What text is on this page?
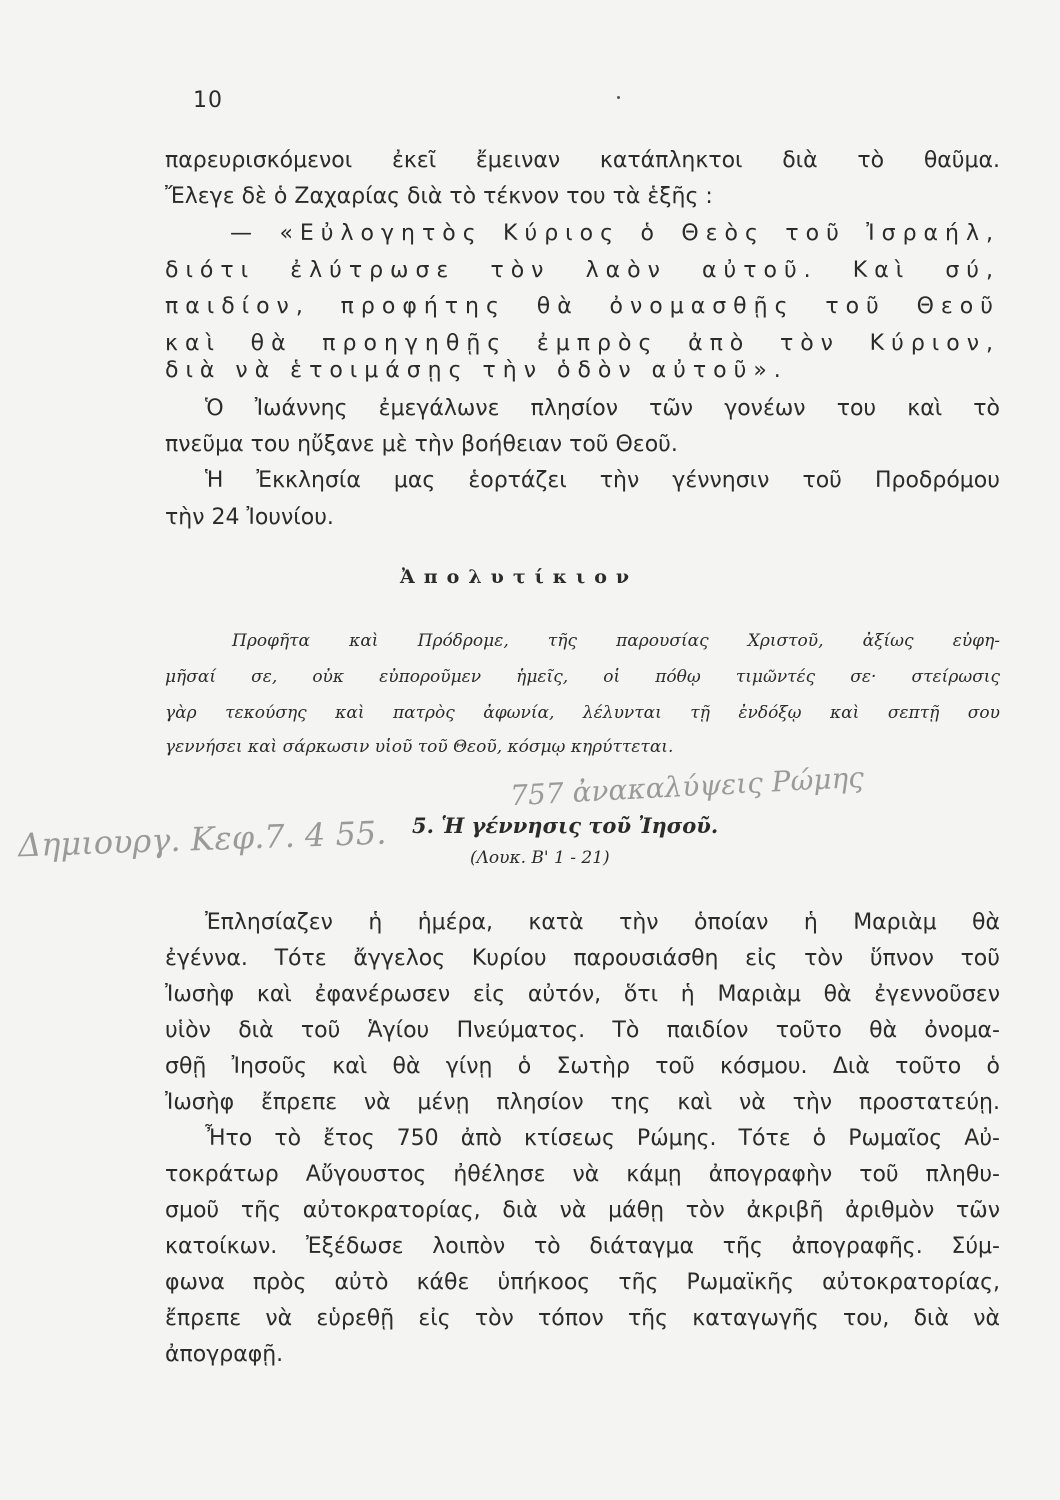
10
παρευρισκόμενοι ἐκεῖ ἔμειναν κατάπληκτοι διὰ τὸ θαῦμα.
Ἔλεγε δὲ ὁ Ζαχαρίας διὰ τὸ τέκνον του τὰ ἑξῆς :
— «Εὐλογητὸς Κύριος ὁ Θεὸς τοῦ Ἰσραήλ,
διότι ἐλύτρωσε τὸν λαὸν αὐτοῦ. Καὶ σύ,
παιδίον, προφήτης θὰ ὀνομασθῇς τοῦ Θεοῦ
καὶ θὰ προηγηθῇς ἐμπρὸς ἀπὸ τὸν Κύριον,
διὰ νὰ ἑτοιμάσῃς τὴν ὁδὸν αὐτοῦ».
Ὁ Ἰωάννης ἐμεγάλωνε πλησίον τῶν γονέων του καὶ τὸ
πνεῦμα του ηὔξανε μὲ τὴν βοήθειαν τοῦ Θεοῦ.
Ἡ Ἐκκλησία μας ἑορτάζει τὴν γέννησιν τοῦ Προδρόμου
τὴν 24 Ἰουνίου.
Ἀπολυτίκιον
Προφῆτα καὶ Πρόδρομε, τῆς παρουσίας Χριστοῦ, ἀξίως εὐφη-
μῆσαί σε, οὐκ εὐποροῦμεν ἡμεῖς, οἱ πόθῳ τιμῶντές σε· στείρωσις
γὰρ τεκούσης καὶ πατρὸς ἀφωνία, λέλυνται τῇ ἐνδόξῳ καὶ σεπτῇ σου
γεννήσει καὶ σάρκωσιν υἱοῦ τοῦ Θεοῦ, κόσμῳ κηρύττεται.
757 ἀνακαλύψεις Ρώμης
Δημιουργ. Κεφ.7. 4 55. 5. Ἡ γέννησις τοῦ Ἰησοῦ.
(Λουκ. Β' 1 - 21)
Ἐπλησίαζεν ἡ ἡμέρα, κατὰ τὴν ὁποίαν ἡ Μαριὰμ θὰ
ἐγέννα. Τότε ἄγγελος Κυρίου παρουσιάσθη εἰς τὸν ὕπνον τοῦ
Ἰωσὴφ καὶ ἐφανέρωσεν εἰς αὐτόν, ὅτι ἡ Μαριὰμ θὰ ἐγεννοῦσεν
υἱὸν διὰ τοῦ Ἁγίου Πνεύματος. Τὸ παιδίον τοῦτο θὰ ὀνομα-
σθῇ Ἰησοῦς καὶ θὰ γίνῃ ὁ Σωτὴρ τοῦ κόσμου. Διὰ τοῦτο ὁ
Ἰωσὴφ ἔπρεπε νὰ μένῃ πλησίον της καὶ νὰ τὴν προστατεύῃ.
Ἦτο τὸ ἔτος 750 ἀπὸ κτίσεως Ρώμης. Τότε ὁ Ρωμαῖος Αὐ-
τοκράτωρ Αὔγουστος ἠθέλησε νὰ κάμῃ ἀπογραφὴν τοῦ πληθυ-
σμοῦ τῆς αὐτοκρατορίας, διὰ νὰ μάθῃ τὸν ἀκριβῆ ἀριθμὸν τῶν
κατοίκων. Ἐξέδωσε λοιπὸν τὸ διάταγμα τῆς ἀπογραφῆς. Σύμ-
φωνα πρὸς αὐτὸ κάθε ὑπήκοος τῆς Ρωμαϊκῆς αὐτοκρατορίας,
ἔπρεπε νὰ εὑρεθῇ εἰς τὸν τόπον τῆς καταγωγῆς του, διὰ νὰ
ἀπογραφῇ.
